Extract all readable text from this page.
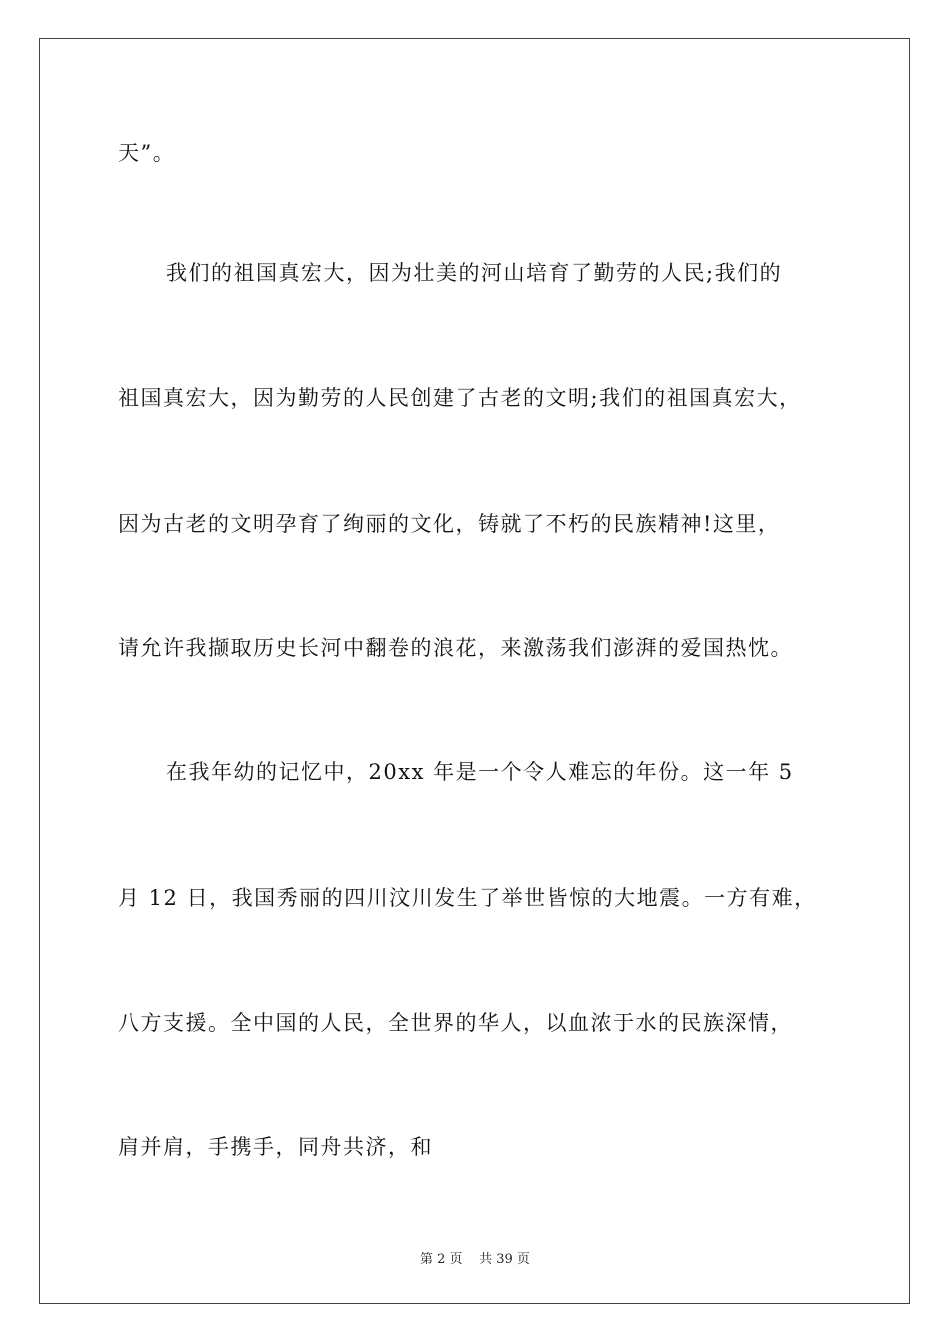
天”。
我们的祖国真宏大，因为壮美的河山培育了勤劳的人民;我们的
祖国真宏大，因为勤劳的人民创建了古老的文明;我们的祖国真宏大，
因为古老的文明孕育了绚丽的文化，铸就了不朽的民族精神!这里，
请允许我撷取历史长河中翻卷的浪花，来激荡我们澎湃的爱国热忱。
在我年幼的记忆中，20xx 年是一个令人难忘的年份。这一年 5
月 12 日，我国秀丽的四川汶川发生了举世皆惊的大地震。一方有难，
八方支援。全中国的人民，全世界的华人，以血浓于水的民族深情，
肩并肩，手携手，同舟共济，和
第 2 页 共 39 页
